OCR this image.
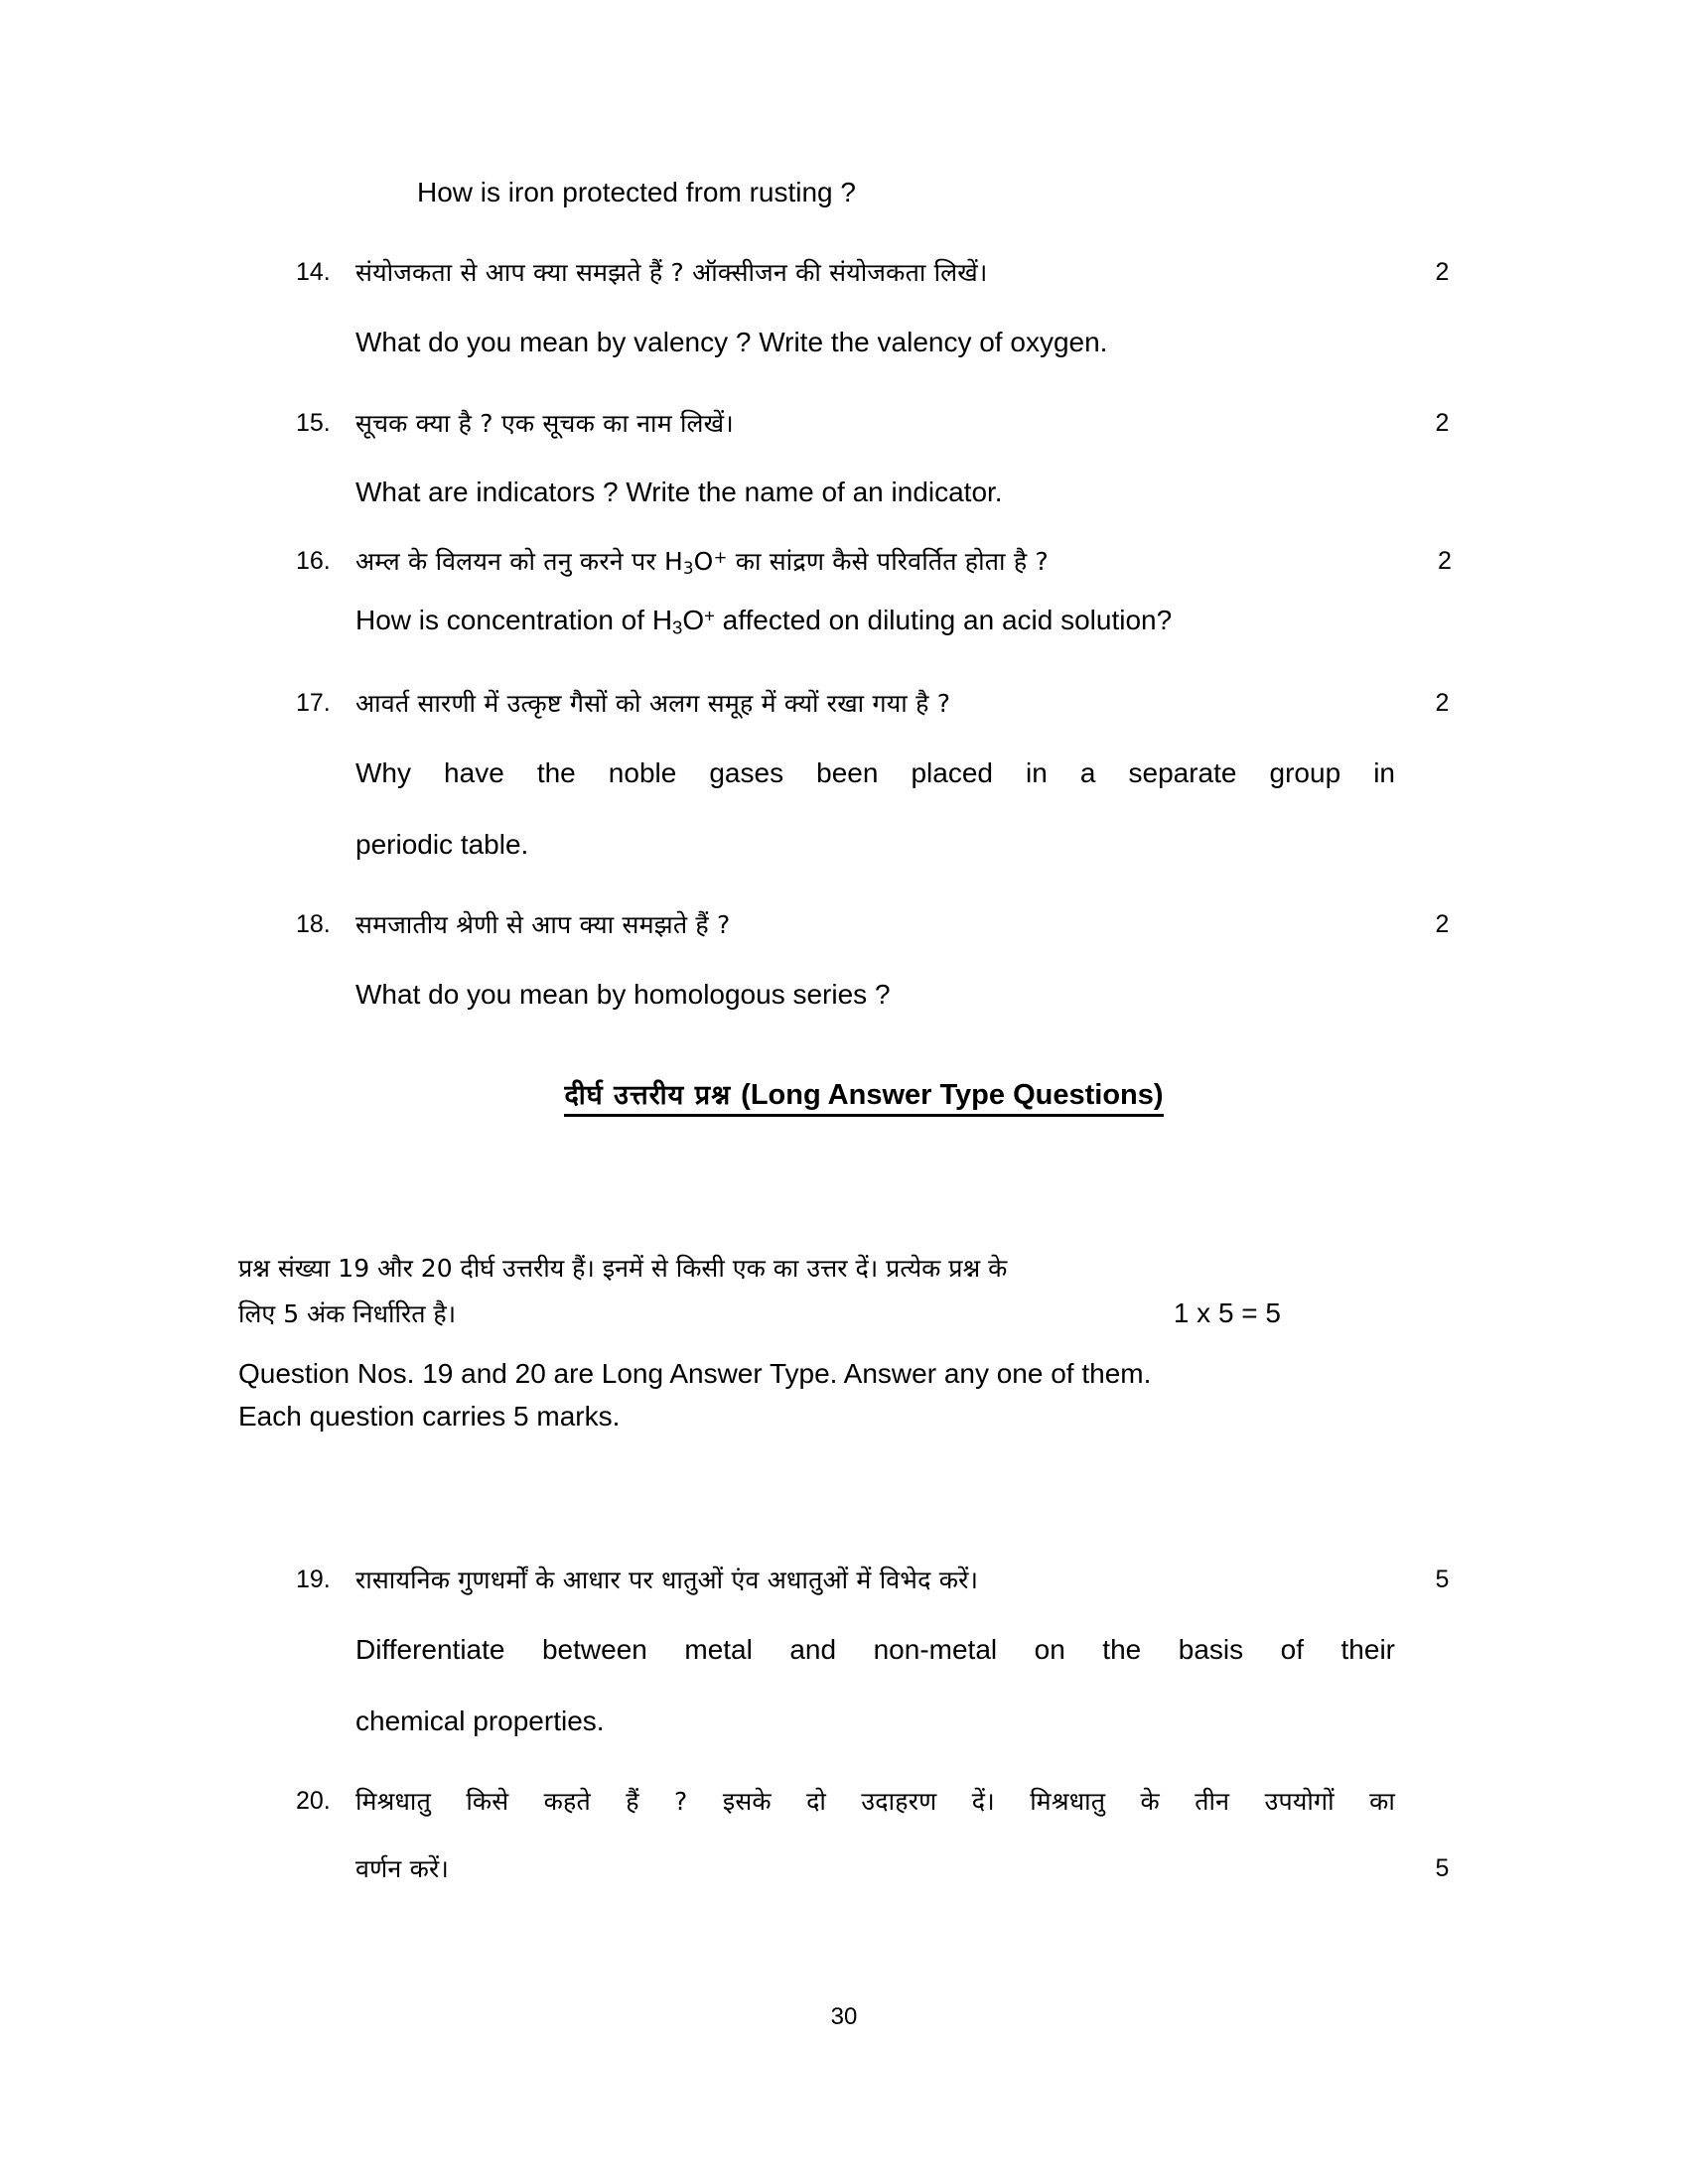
How is iron protected from rusting ?
14.	संयोजकता से आप क्या समझते हैं ? ऑक्सीजन की संयोजकता लिखें।	2
What do you mean by valency ? Write the valency of oxygen.
15.	सूचक क्या है ? एक सूचक का नाम लिखें।	2
What are indicators ? Write the name of an indicator.
16.	अम्ल के विलयन को तनु करने पर $H_3O^+$ का सांद्रण कैसे परिवर्तित होता है ?	2
How is concentration of $H_3O^+$ affected on diluting an acid solution?
17.	आवर्त सारणी में उत्कृष्ट गैसों को अलग समूह में क्यों रखा गया है ?	2
Why have the noble gases been placed in a separate group in
periodic table.
18.	समजातीय श्रेणी से आप क्या समझते हैं ?	2
What do you mean by homologous series ?
दीर्घ उत्तरीय प्रश्न (Long Answer Type Questions)
प्रश्न संख्या 19 और 20 दीर्घ उत्तरीय हैं। इनमें से किसी एक का उत्तर दें। प्रत्येक प्रश्न के
लिए 5 अंक निर्धारित है।	1 x 5 = 5
Question Nos. 19 and 20 are Long Answer Type. Answer any one of them.
Each question carries 5 marks.
19.	रासायनिक गुणधर्मों के आधार पर धातुओं एंव अधातुओं में विभेद करें।	5
Differentiate between metal and non-metal on the basis of their
chemical properties.
20.	मिश्रधातु किसे कहते हैं ? इसके दो उदाहरण दें। मिश्रधातु के तीन उपयोगों का
वर्णन करें।	5
30
